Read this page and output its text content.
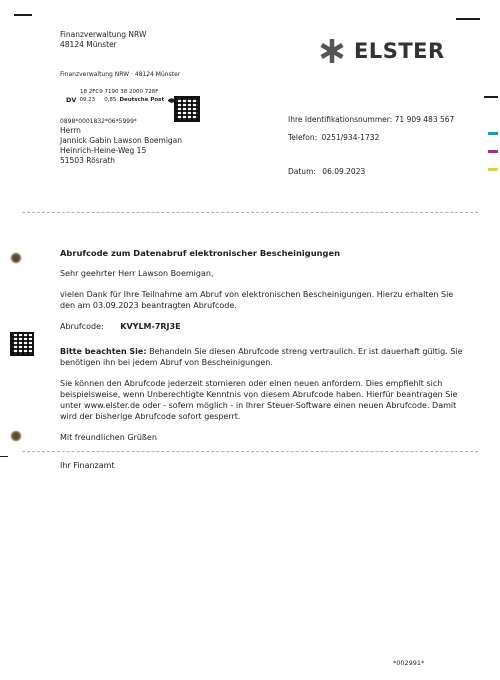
Finanzverwaltung NRW
48124 Münster	ELSTER
Finanzverwaltung NRW · 48124 Münster
18 2FC9 7190 38 2000 728F
DV 09.23 0,85 Deutsche Post
0898*0001832*06*5999*
Herrn
Jannick Gabin Lawson Boemigan
Heinrich-Heine-Weg 15
51503 Rösrath
Ihre Identifikationsnummer: 71 909 483 567
Telefon: 0251/934-1732
Datum: 06.09.2023

Abrufcode zum Datenabruf elektronischer Bescheinigungen

Sehr geehrter Herr Lawson Boemigan,

vielen Dank für Ihre Teilnahme am Abruf von elektronischen Bescheinigungen. Hierzu erhalten Sie
den am 03.09.2023 beantragten Abrufcode.

Abrufcode: KVYLM-7RJ3E

Bitte beachten Sie: Behandeln Sie diesen Abrufcode streng vertraulich. Er ist dauerhaft gültig. Sie
benötigen ihn bei jedem Abruf von Bescheinigungen.

Sie können den Abrufcode jederzeit stornieren oder einen neuen anfordern. Dies empfiehlt sich
beispielsweise, wenn Unberechtigte Kenntnis von diesem Abrufcode haben. Hierfür beantragen Sie
unter www.elster.de oder - sofern möglich - in Ihrer Steuer-Software einen neuen Abrufcode. Damit
wird der bisherige Abrufcode sofort gesperrt.

Mit freundlichen Grüßen

Ihr Finanzamt
*002991*
